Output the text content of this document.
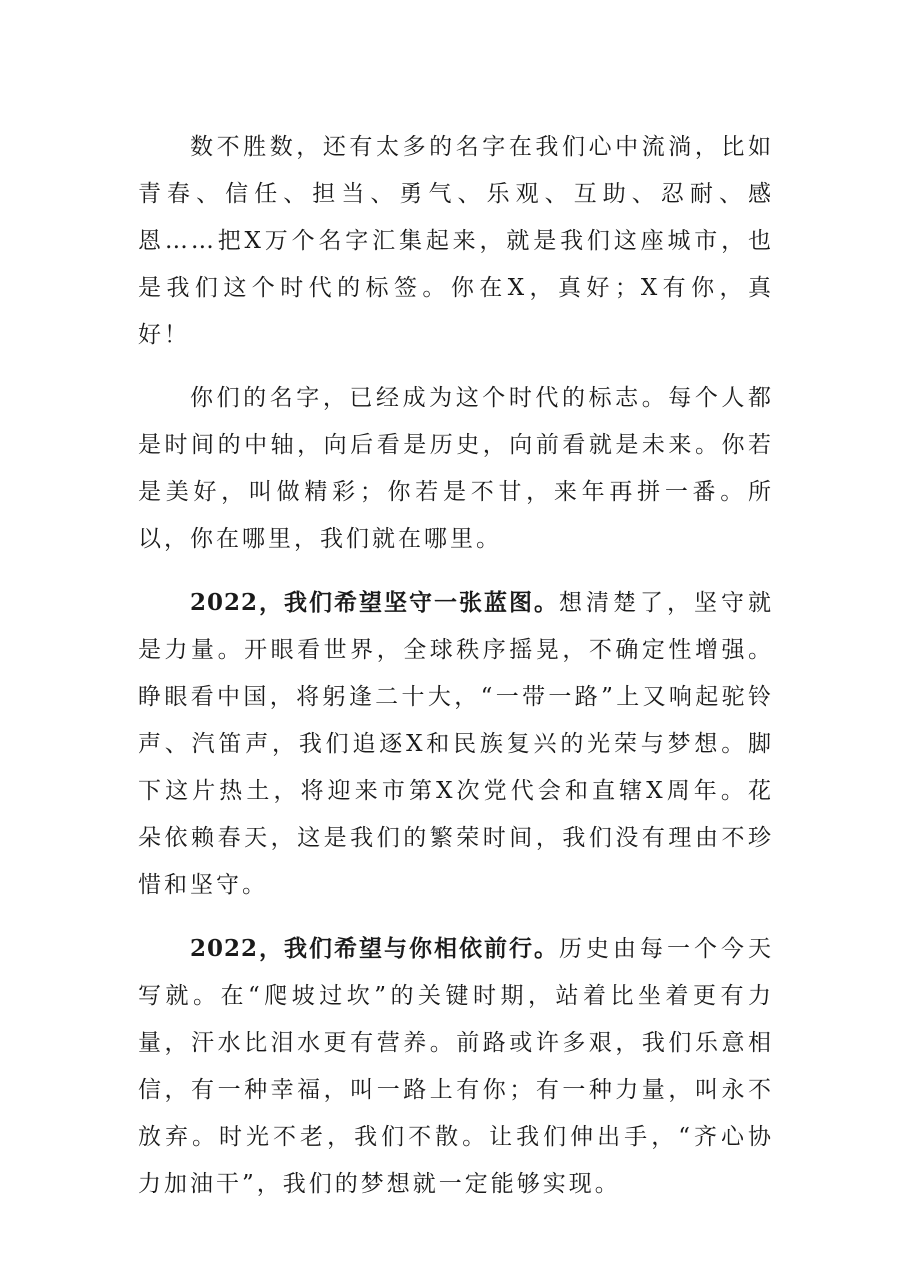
数不胜数，还有太多的名字在我们心中流淌，比如青春、信任、担当、勇气、乐观、互助、忍耐、感恩……把X万个名字汇集起来，就是我们这座城市，也是我们这个时代的标签。你在X，真好；X有你，真好！

你们的名字，已经成为这个时代的标志。每个人都是时间的中轴，向后看是历史，向前看就是未来。你若是美好，叫做精彩；你若是不甘，来年再拼一番。所以，你在哪里，我们就在哪里。

2022，我们希望坚守一张蓝图。想清楚了，坚守就是力量。开眼看世界，全球秩序摇晃，不确定性增强。睁眼看中国，将躬逢二十大，“一带一路”上又响起驼铃声、汽笛声，我们追逐X和民族复兴的光荣与梦想。脚下这片热土，将迎来市第X次党代会和直辖X周年。花朵依赖春天，这是我们的繁荣时间，我们没有理由不珍惜和坚守。

2022，我们希望与你相依前行。历史由每一个今天写就。在“爬坡过坎”的关键时期，站着比坐着更有力量，汗水比泪水更有营养。前路或许多艰，我们乐意相信，有一种幸福，叫一路上有你；有一种力量，叫永不放弃。时光不老，我们不散。让我们伸出手，“齐心协力加油干”，我们的梦想就一定能够实现。
